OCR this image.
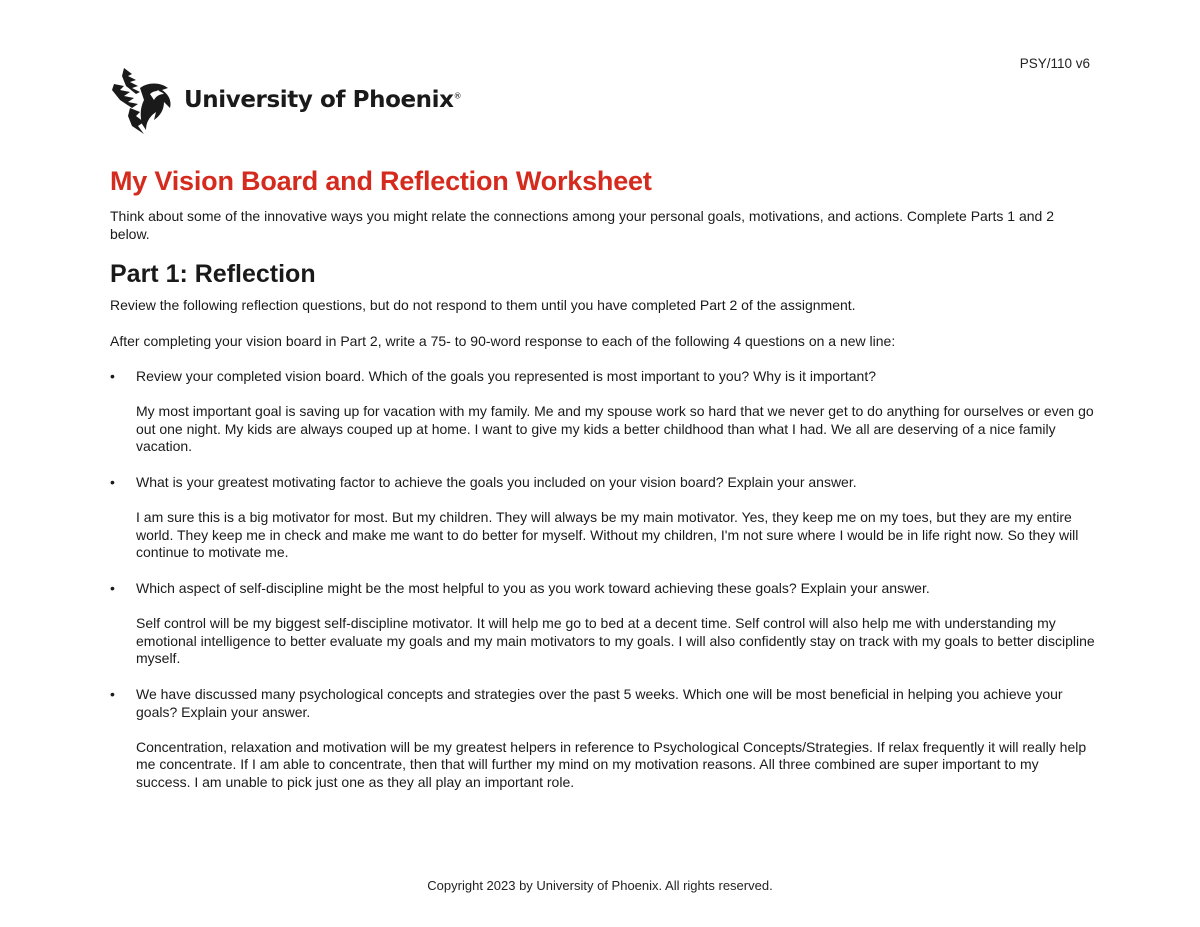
PSY/110 v6
University of Phoenix®
My Vision Board and Reflection Worksheet

Think about some of the innovative ways you might relate the connections among your personal goals, motivations, and actions. Complete Parts 1 and 2 below.

Part 1: Reflection

Review the following reflection questions, but do not respond to them until you have completed Part 2 of the assignment.

After completing your vision board in Part 2, write a 75- to 90-word response to each of the following 4 questions on a new line:

• Review your completed vision board. Which of the goals you represented is most important to you? Why is it important?
My most important goal is saving up for vacation with my family. Me and my spouse work so hard that we never get to do anything for ourselves or even go out one night. My kids are always couped up at home. I want to give my kids a better childhood than what I had. We all are deserving of a nice family vacation.
• What is your greatest motivating factor to achieve the goals you included on your vision board? Explain your answer.
I am sure this is a big motivator for most. But my children. They will always be my main motivator. Yes, they keep me on my toes, but they are my entire world. They keep me in check and make me want to do better for myself. Without my children, I'm not sure where I would be in life right now. So they will continue to motivate me.
• Which aspect of self-discipline might be the most helpful to you as you work toward achieving these goals? Explain your answer.
Self control will be my biggest self-discipline motivator. It will help me go to bed at a decent time. Self control will also help me with understanding my emotional intelligence to better evaluate my goals and my main motivators to my goals. I will also confidently stay on track with my goals to better discipline myself.
• We have discussed many psychological concepts and strategies over the past 5 weeks. Which one will be most beneficial in helping you achieve your goals? Explain your answer.
Concentration, relaxation and motivation will be my greatest helpers in reference to Psychological Concepts/Strategies. If relax frequently it will really help me concentrate. If I am able to concentrate, then that will further my mind on my motivation reasons. All three combined are super important to my success. I am unable to pick just one as they all play an important role.
Copyright 2023 by University of Phoenix. All rights reserved.
